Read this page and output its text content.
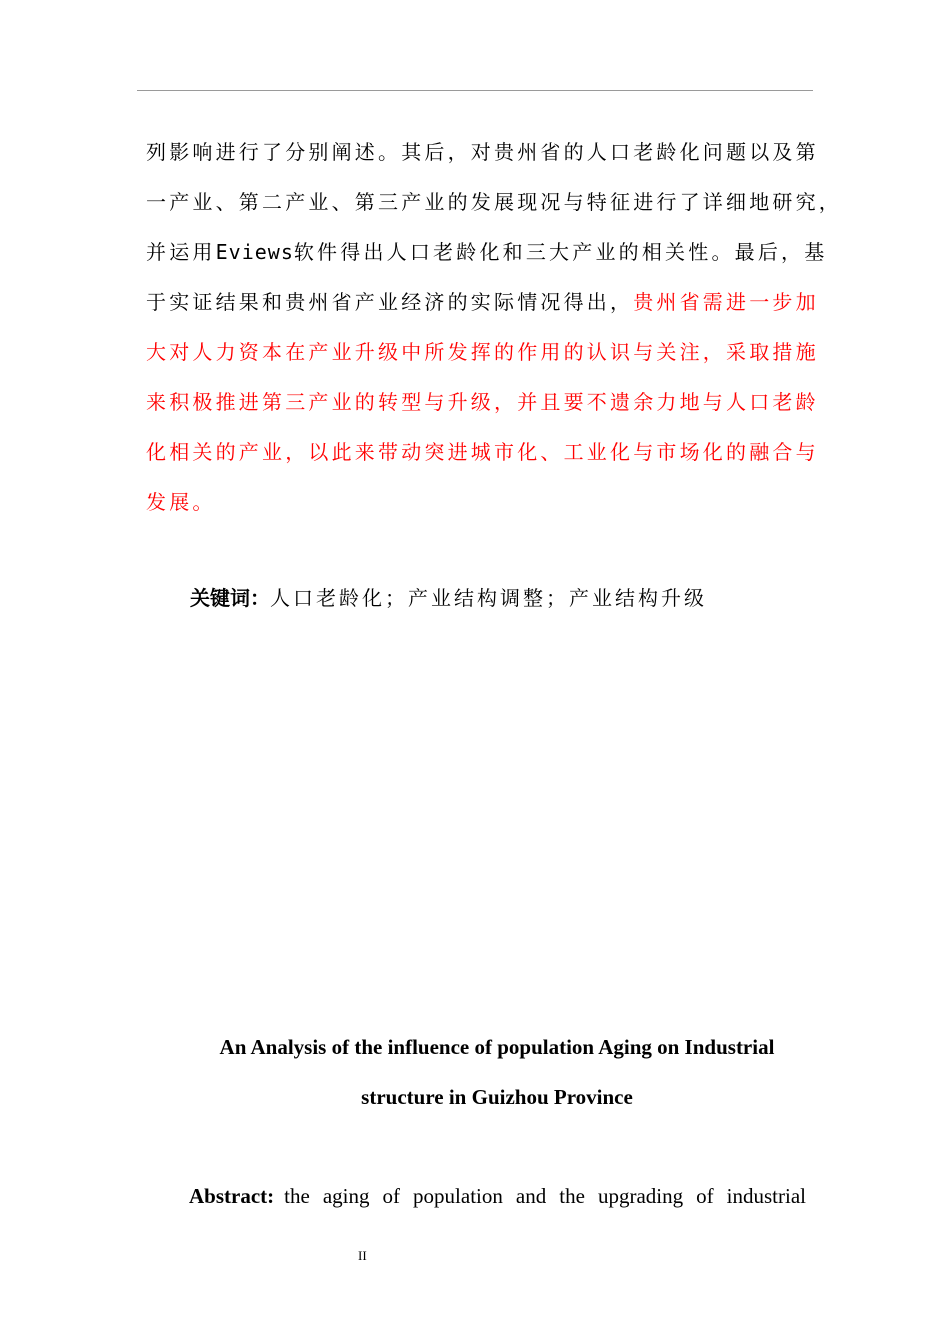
列影响进行了分别阐述。其后，对贵州省的人口老龄化问题以及第
一产业、第二产业、第三产业的发展现况与特征进行了详细地研究，
并运用Eviews软件得出人口老龄化和三大产业的相关性。最后，基
于实证结果和贵州省产业经济的实际情况得出，贵州省需进一步加
大对人力资本在产业升级中所发挥的作用的认识与关注，采取措施
来积极推进第三产业的转型与升级，并且要不遗余力地与人口老龄
化相关的产业，以此来带动突进城市化、工业化与市场化的融合与
发展。
关键词：人口老龄化；产业结构调整；产业结构升级
An Analysis of the influence of population Aging on Industrial
structure in Guizhou Province
Abstract: the aging of population and the upgrading of industrial
II
